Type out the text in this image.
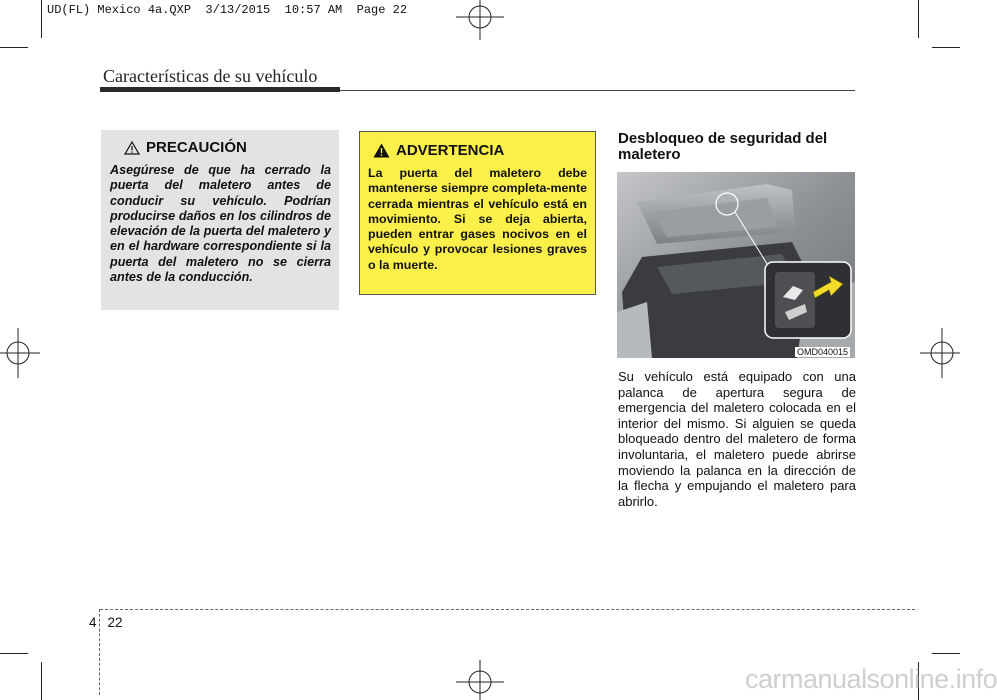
UD(FL) Mexico 4a.QXP  3/13/2015  10:57 AM  Page 22
Características de su vehículo
PRECAUCIÓN
Asegúrese de que ha cerrado la puerta del maletero antes de conducir su vehículo. Podrían producirse daños en los cilindros de elevación de la puerta del maletero y en el hardware correspondiente si la puerta del maletero no se cierra antes de la conducción.
ADVERTENCIA
La puerta del maletero debe mantenerse siempre completa-mente cerrada mientras el vehículo está en movimiento. Si se deja abierta, pueden entrar gases nocivos en el vehículo y provocar lesiones graves o la muerte.
Desbloqueo de seguridad del maletero
OMD040015
Su vehículo está equipado con una palanca de apertura segura de emergencia del maletero colocada en el interior del mismo. Si alguien se queda bloqueado dentro del maletero de forma involuntaria, el maletero puede abrirse moviendo la palanca en la dirección de la flecha y empujando el maletero para abrirlo.
4 22
carmanualsonline.info
